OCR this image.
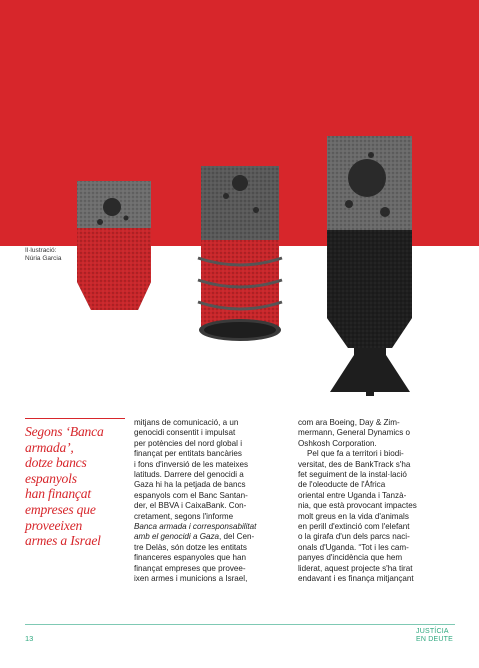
Il·lustració:
Núria Garcia
Segons ‘Banca
armada’,
dotze bancs
espanyols
han finançat
empreses que
proveeixen
armes a Israel
mitjans de comunicació, a un
genocidi consentit i impulsat
per potències del nord global i
finançat per entitats bancàries
i fons d'inversió de les mateixes
latituds. Darrere del genocidi a
Gaza hi ha la petjada de bancs
espanyols com el Banc Santan-
der, el BBVA i CaixaBank. Con-
cretament, segons l'informe
Banca armada i corresponsabilitat
amb el genocidi a Gaza, del Cen-
tre Delàs, són dotze les entitats
financeres espanyoles que han
finançat empreses que provee-
ixen armes i municions a Israel,
com ara Boeing, Day & Zim-
mermann, General Dynamics o
Oshkosh Corporation.
Pel que fa a territori i biodi-
versitat, des de BankTrack s'ha
fet seguiment de la instal·lació
de l'oleoducte de l'Àfrica
oriental entre Uganda i Tanzà-
nia, que està provocant impactes
molt greus en la vida d'animals
en perill d'extinció com l'elefant
o la girafa d'un dels parcs naci-
onals d'Uganda. “Tot i les cam-
panyes d'incidència que hem
liderat, aquest projecte s'ha tirat
endavant i es finança mitjançant
13
JUSTÍCIA
EN DEUTE
